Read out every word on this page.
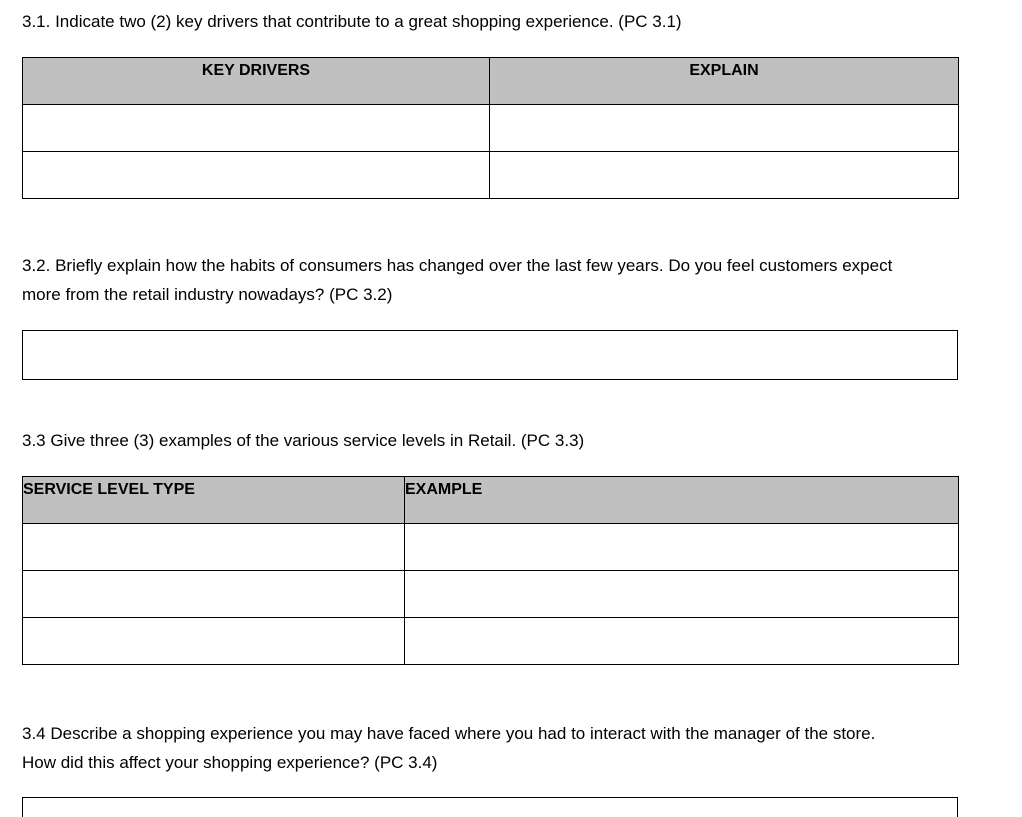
3.1. Indicate two (2) key drivers that contribute to a great shopping experience. (PC 3.1)

KEY DRIVERS	EXPLAIN

3.2. Briefly explain how the habits of consumers has changed over the last few years. Do you feel customers expect
more from the retail industry nowadays? (PC 3.2)

3.3 Give three (3) examples of the various service levels in Retail. (PC 3.3)

SERVICE LEVEL TYPE	EXAMPLE

3.4 Describe a shopping experience you may have faced where you had to interact with the manager of the store.
How did this affect your shopping experience? (PC 3.4)
